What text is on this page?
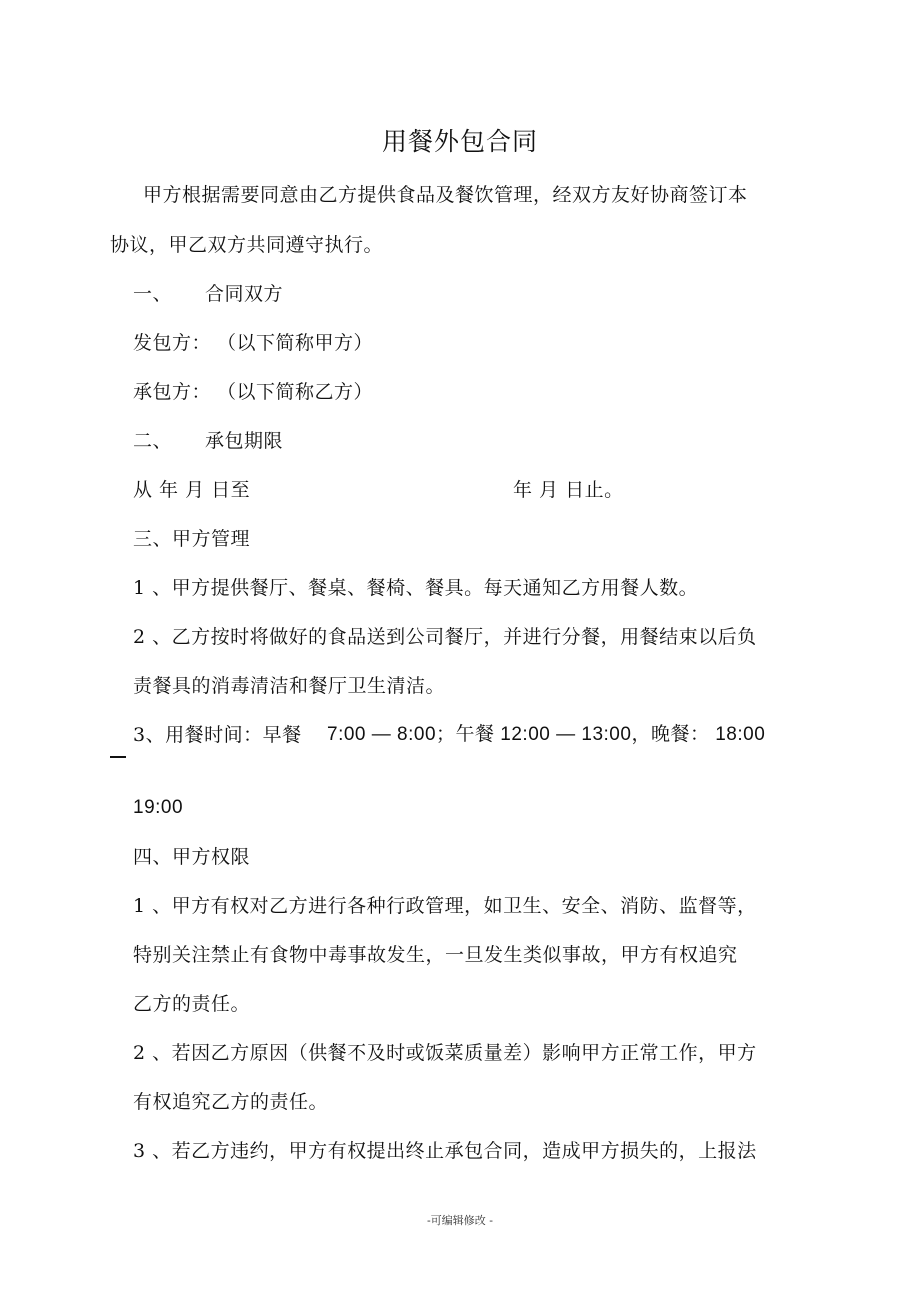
用餐外包合同
甲方根据需要同意由乙方提供食品及餐饮管理，经双方友好协商签订本
协议，甲乙双方共同遵守执行。
一、 合同双方
发包方： （以下简称甲方）
承包方： （以下简称乙方）
二、 承包期限
从 年 月 日至	年 月 日止。
三、甲方管理
1 、甲方提供餐厅、餐桌、餐椅、餐具。每天通知乙方用餐人数。
2 、乙方按时将做好的食品送到公司餐厅，并进行分餐，用餐结束以后负
责餐具的消毒清洁和餐厅卫生清洁。
3、用餐时间：早餐 7:00 — 8:00；午餐 12:00 — 13:00，晚餐： 18:00
19:00
四、甲方权限
1 、甲方有权对乙方进行各种行政管理，如卫生、安全、消防、监督等，
特别关注禁止有食物中毒事故发生，一旦发生类似事故，甲方有权追究
乙方的责任。
2 、若因乙方原因（供餐不及时或饭菜质量差）影响甲方正常工作，甲方
有权追究乙方的责任。
3 、若乙方违约，甲方有权提出终止承包合同，造成甲方损失的，上报法
-可编辑修改 -
